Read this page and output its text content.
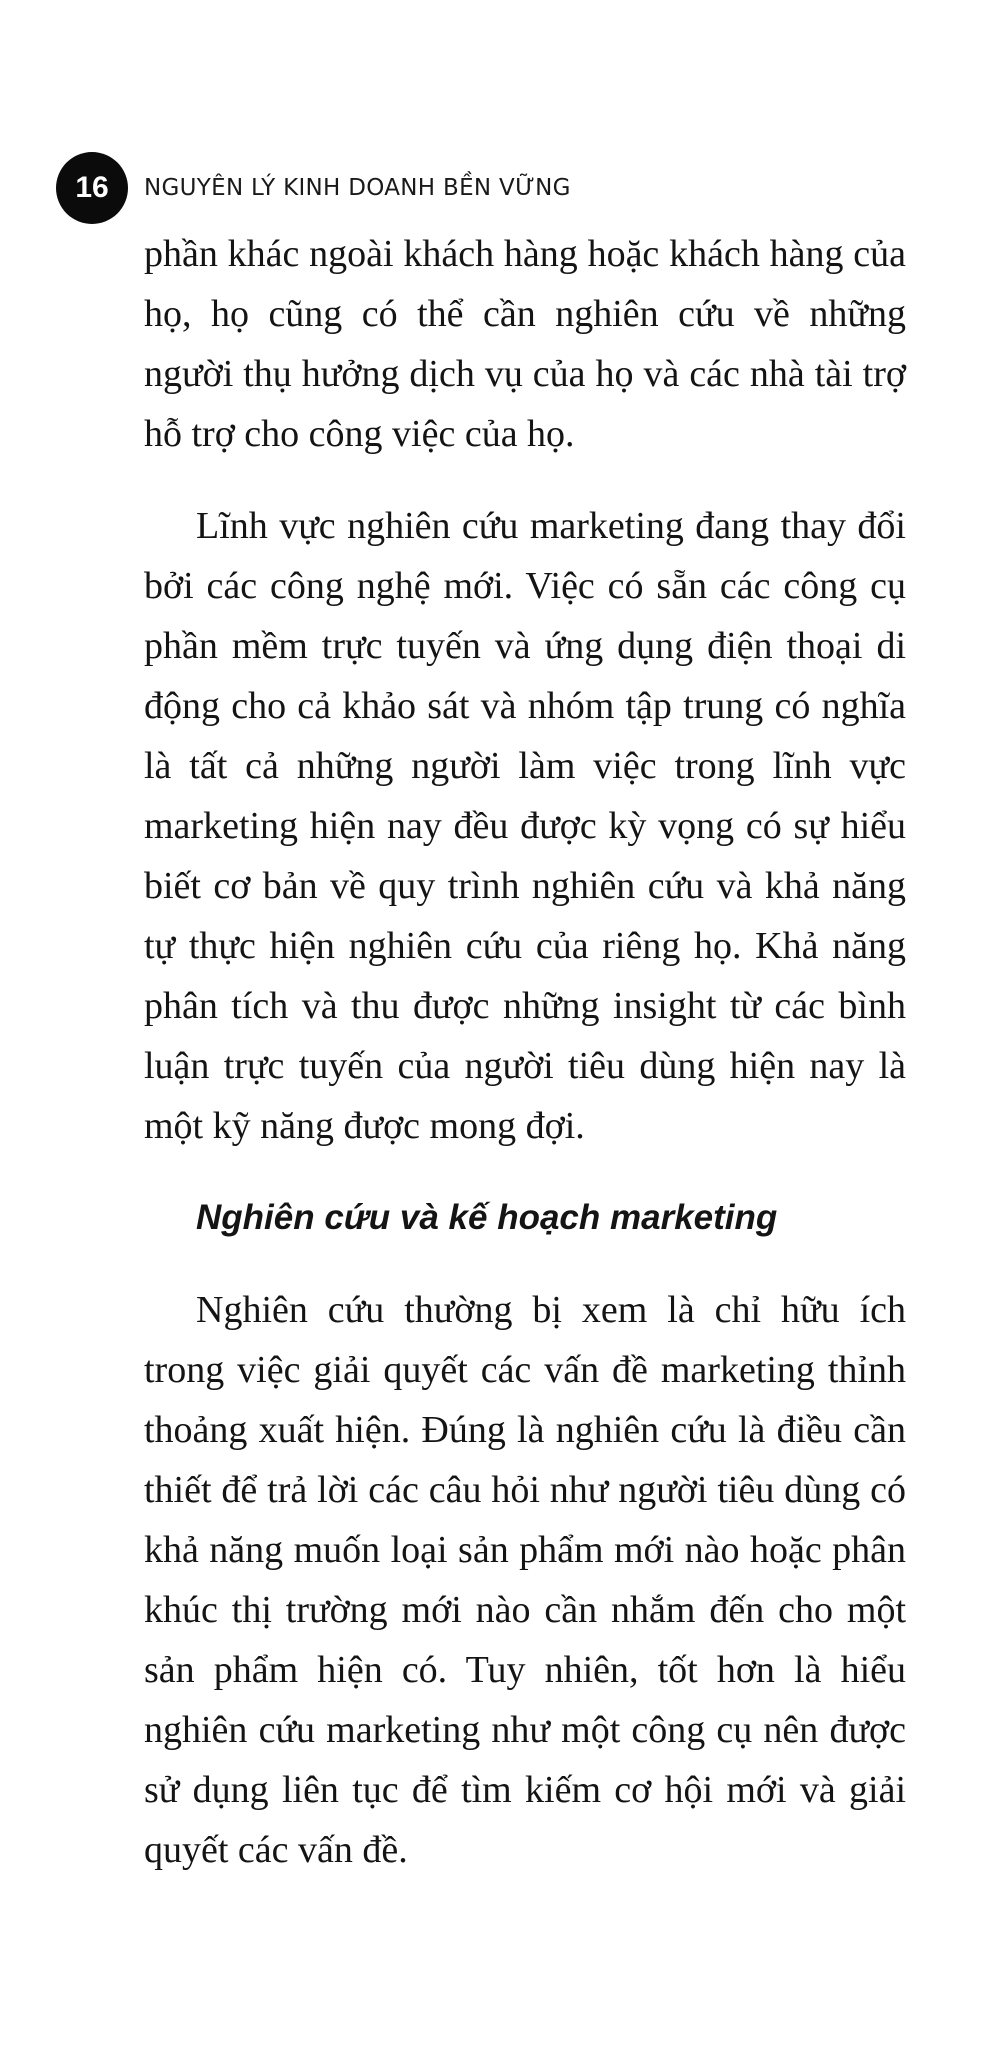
16	NGUYÊN LÝ KINH DOANH BỀN VỮNG

phần khác ngoài khách hàng hoặc khách hàng của họ, họ cũng có thể cần nghiên cứu về những người thụ hưởng dịch vụ của họ và các nhà tài trợ hỗ trợ cho công việc của họ.

Lĩnh vực nghiên cứu marketing đang thay đổi bởi các công nghệ mới. Việc có sẵn các công cụ phần mềm trực tuyến và ứng dụng điện thoại di động cho cả khảo sát và nhóm tập trung có nghĩa là tất cả những người làm việc trong lĩnh vực marketing hiện nay đều được kỳ vọng có sự hiểu biết cơ bản về quy trình nghiên cứu và khả năng tự thực hiện nghiên cứu của riêng họ. Khả năng phân tích và thu được những insight từ các bình luận trực tuyến của người tiêu dùng hiện nay là một kỹ năng được mong đợi.

Nghiên cứu và kế hoạch marketing

Nghiên cứu thường bị xem là chỉ hữu ích trong việc giải quyết các vấn đề marketing thỉnh thoảng xuất hiện. Đúng là nghiên cứu là điều cần thiết để trả lời các câu hỏi như người tiêu dùng có khả năng muốn loại sản phẩm mới nào hoặc phân khúc thị trường mới nào cần nhắm đến cho một sản phẩm hiện có. Tuy nhiên, tốt hơn là hiểu nghiên cứu marketing như một công cụ nên được sử dụng liên tục để tìm kiếm cơ hội mới và giải quyết các vấn đề.
